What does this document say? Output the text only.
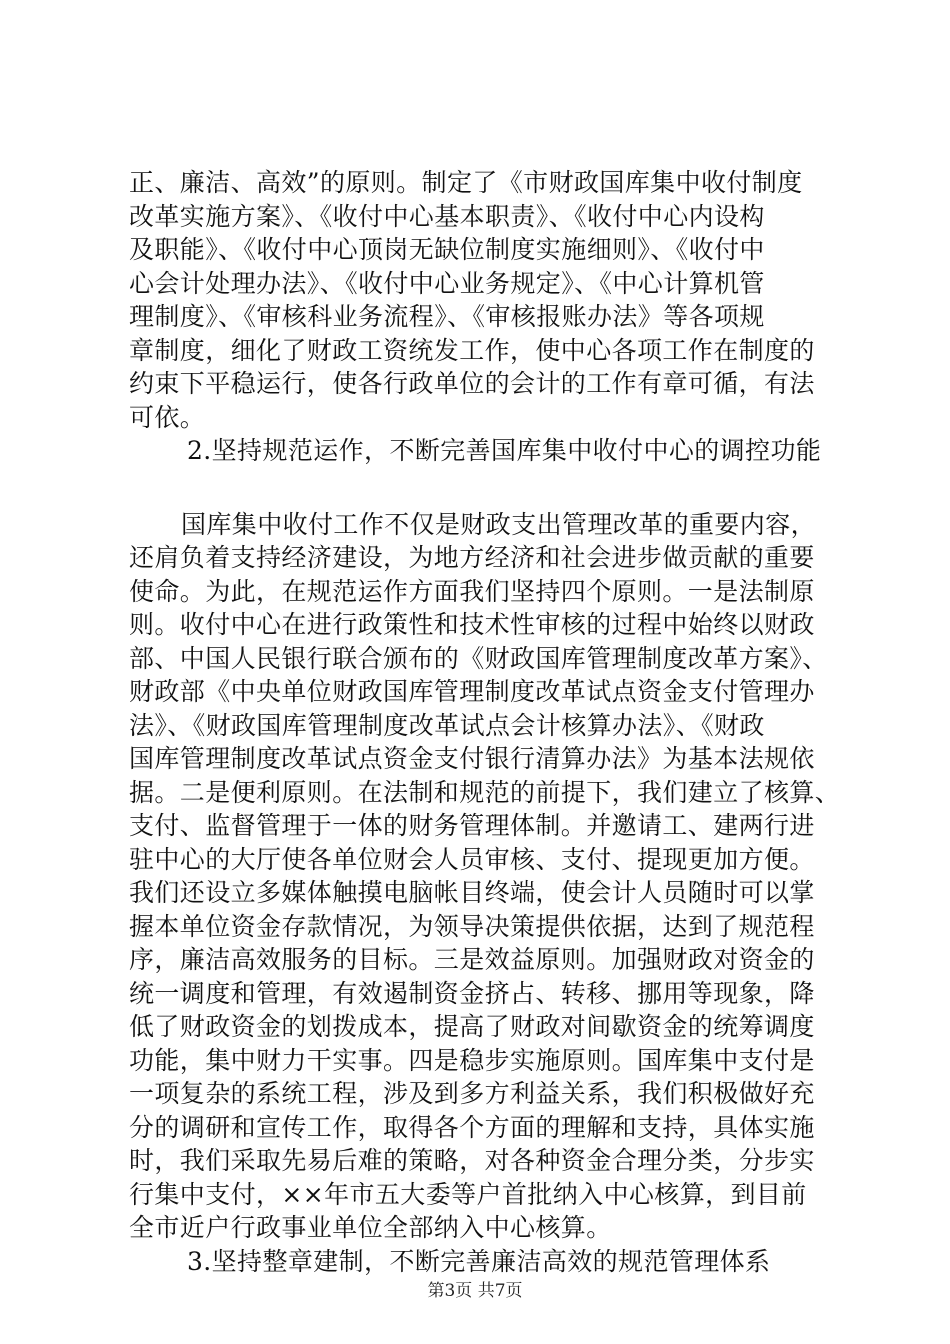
正、廉洁、高效”的原则。制定了《市财政国库集中收付制度
改革实施方案》、《收付中心基本职责》、《收付中心内设构
及职能》、《收付中心顶岗无缺位制度实施细则》、《收付中
心会计处理办法》、《收付中心业务规定》、《中心计算机管
理制度》、《审核科业务流程》、《审核报账办法》等各项规
章制度，细化了财政工资统发工作，使中心各项工作在制度的
约束下平稳运行，使各行政单位的会计的工作有章可循，有法
可依。
2.坚持规范运作，不断完善国库集中收付中心的调控功能
国库集中收付工作不仅是财政支出管理改革的重要内容，
还肩负着支持经济建设，为地方经济和社会进步做贡献的重要
使命。为此，在规范运作方面我们坚持四个原则。一是法制原
则。收付中心在进行政策性和技术性审核的过程中始终以财政
部、中国人民银行联合颁布的《财政国库管理制度改革方案》、
财政部《中央单位财政国库管理制度改革试点资金支付管理办
法》、《财政国库管理制度改革试点会计核算办法》、《财政
国库管理制度改革试点资金支付银行清算办法》为基本法规依
据。二是便利原则。在法制和规范的前提下，我们建立了核算、
支付、监督管理于一体的财务管理体制。并邀请工、建两行进
驻中心的大厅使各单位财会人员审核、支付、提现更加方便。
我们还设立多媒体触摸电脑帐目终端，使会计人员随时可以掌
握本单位资金存款情况，为领导决策提供依据，达到了规范程
序，廉洁高效服务的目标。三是效益原则。加强财政对资金的
统一调度和管理，有效遏制资金挤占、转移、挪用等现象，降
低了财政资金的划拨成本，提高了财政对间歇资金的统筹调度
功能，集中财力干实事。四是稳步实施原则。国库集中支付是
一项复杂的系统工程，涉及到多方利益关系，我们积极做好充
分的调研和宣传工作，取得各个方面的理解和支持，具体实施
时，我们采取先易后难的策略，对各种资金合理分类，分步实
行集中支付，××年市五大委等户首批纳入中心核算，到目前
全市近户行政事业单位全部纳入中心核算。
3.坚持整章建制，不断完善廉洁高效的规范管理体系
第3页 共7页
